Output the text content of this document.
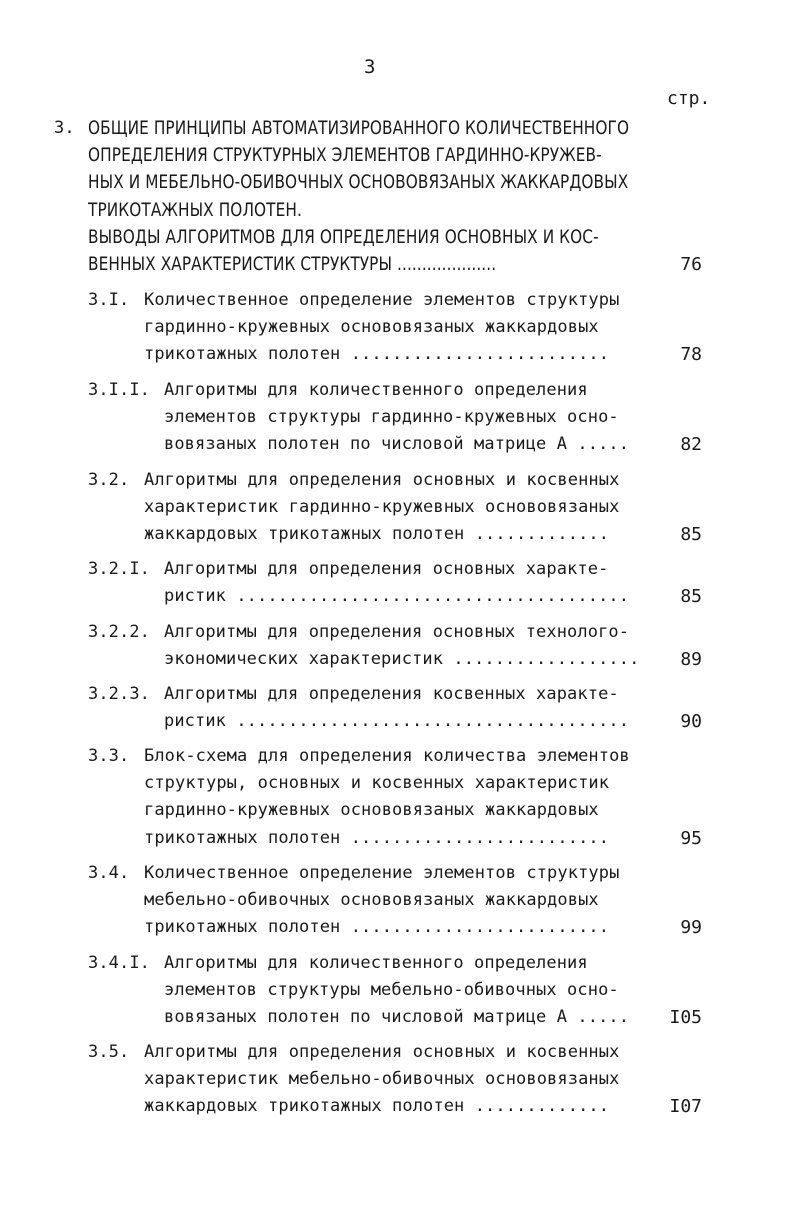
3
стр.
3. ОБЩИЕ ПРИНЦИПЫ АВТОМАТИЗИРОВАННОГО КОЛИЧЕСТВЕННОГО
ОПРЕДЕЛЕНИЯ СТРУКТУРНЫХ ЭЛЕМЕНТОВ ГАРДИННО-КРУЖЕВ-
НЫХ И МЕБЕЛЬНО-ОБИВОЧНЫХ ОСНОВОВЯЗАНЫХ ЖАККАРДОВЫХ
ТРИКОТАЖНЫХ ПОЛОТЕН.
ВЫВОДЫ АЛГОРИТМОВ ДЛЯ ОПРЕДЕЛЕНИЯ ОСНОВНЫХ И КОС-
ВЕННЫХ ХАРАКТЕРИСТИК СТРУКТУРЫ ....................	76
3.I. Количественное определение элементов структуры
гардинно-кружевных основовязаных жаккардовых
трикотажных полотен .........................	78
3.I.I. Алгоритмы для количественного определения
элементов структуры гардинно-кружевных осно-
вовязаных полотен по числовой матрице А .....	82
3.2. Алгоритмы для определения основных и косвенных
характеристик гардинно-кружевных основовязаных
жаккардовых трикотажных полотен .............	85
3.2.I. Алгоритмы для определения основных характе-
ристик ......................................	85
3.2.2. Алгоритмы для определения основных технолого-
экономических характеристик ..................	89
3.2.3. Алгоритмы для определения косвенных характе-
ристик ......................................	90
3.3. Блок-схема для определения количества элементов
структуры, основных и косвенных характеристик
гардинно-кружевных основовязаных жаккардовых
трикотажных полотен .........................	95
3.4. Количественное определение элементов структуры
мебельно-обивочных основовязаных жаккардовых
трикотажных полотен .........................	99
3.4.I. Алгоритмы для количественного определения
элементов структуры мебельно-обивочных осно-
вовязаных полотен по числовой матрице А ..... I05
3.5. Алгоритмы для определения основных и косвенных
характеристик мебельно-обивочных основовязаных
жаккардовых трикотажных полотен .............	I07
